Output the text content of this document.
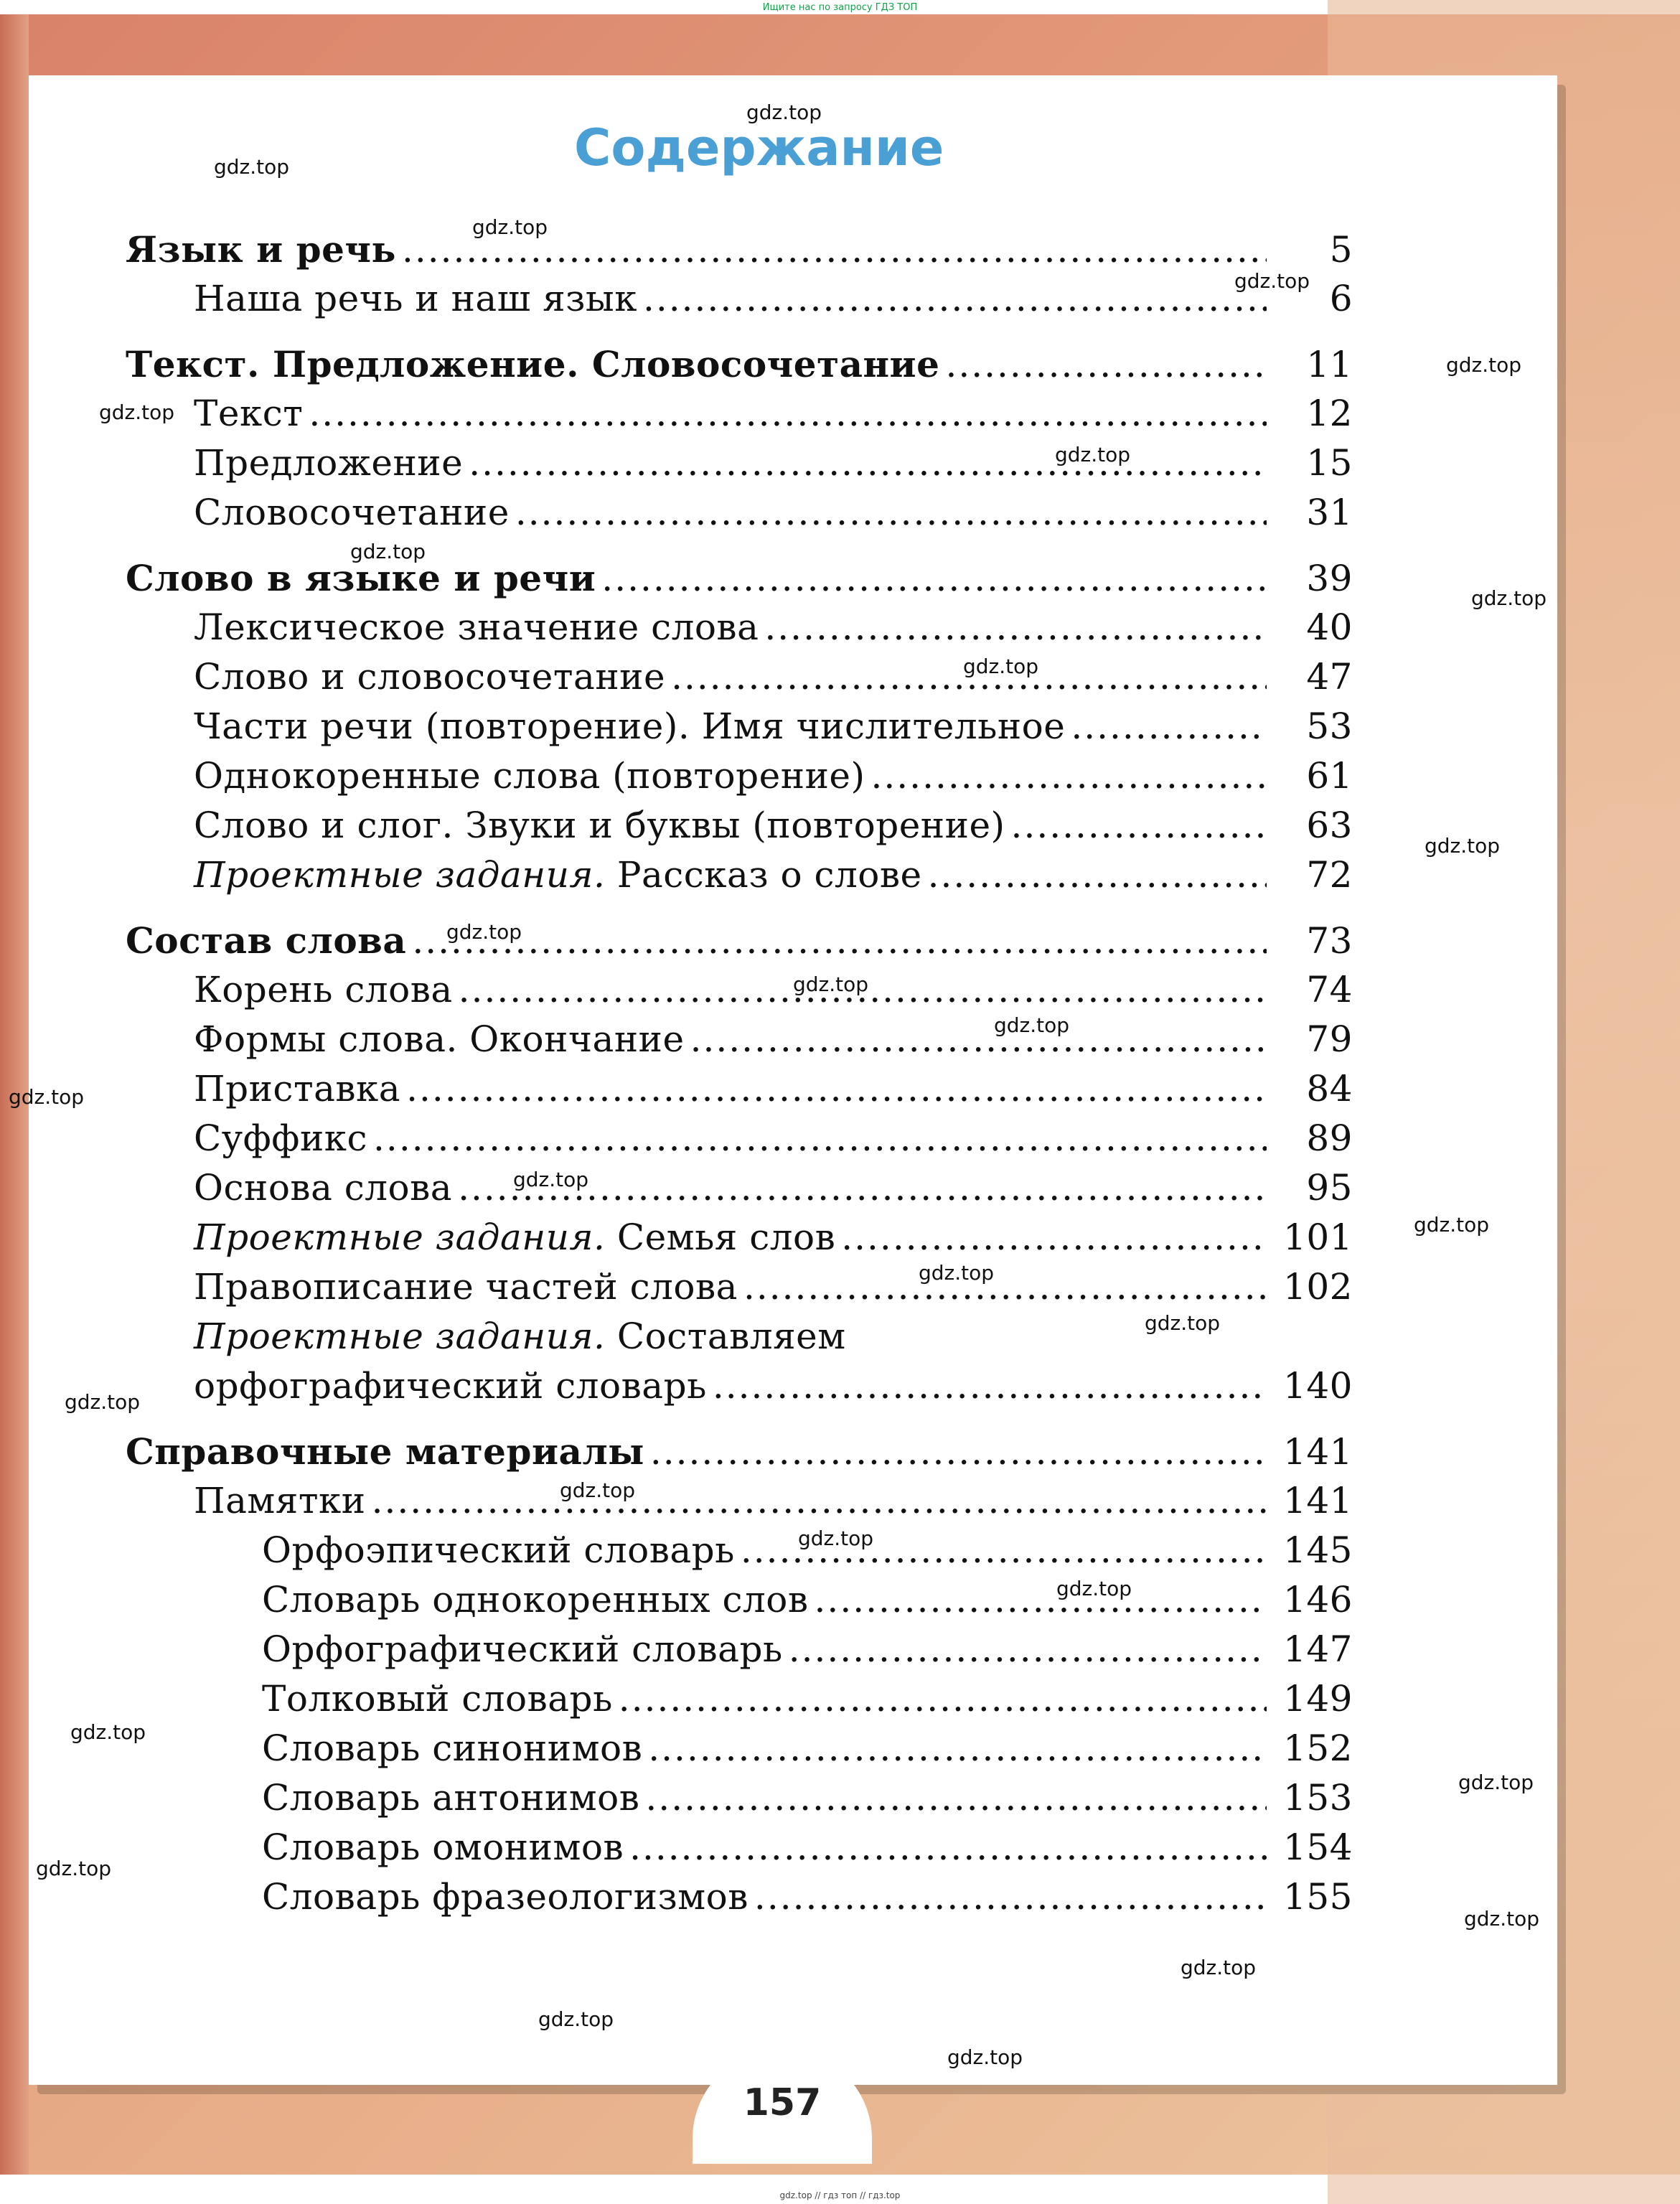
Ищите нас по запросу ГДЗ ТОП
Содержание
Язык и речь .....	5
Наша речь и наш язык .....	6
Текст. Предложение. Словосочетание .....	11
Текст .....	12
Предложение .....	15
Словосочетание .....	31
Слово в языке и речи .....	39
Лексическое значение слова .....	40
Слово и словосочетание .....	47
Части речи (повторение). Имя числительное .....	53
Однокоренные слова (повторение) .....	61
Слово и слог. Звуки и буквы (повторение) .....	63
Проектные задания. Рассказ о слове .....	72
Состав слова .....	73
Корень слова .....	74
Формы слова. Окончание .....	79
Приставка .....	84
Суффикс .....	89
Основа слова .....	95
Проектные задания. Семья слов .....	101
Правописание частей слова .....	102
Проектные задания. Составляем
орфографический словарь .....	140
Справочные материалы .....	141
Памятки .....	141
Орфоэпический словарь .....	145
Словарь однокоренных слов .....	146
Орфографический словарь .....	147
Толковый словарь .....	149
Словарь синонимов .....	152
Словарь антонимов .....	153
Словарь омонимов .....	154
Словарь фразеологизмов .....	155
157
gdz.top
gdz.top
gdz.top
gdz.top
gdz.top
gdz.top
gdz.top
gdz.top
gdz.top
gdz.top
gdz.top
gdz.top
gdz.top
gdz.top
gdz.top
gdz.top
gdz.top
gdz.top
gdz.top
gdz.top
gdz.top
gdz.top
gdz.top
gdz.top
gdz.top
gdz.top
gdz.top
gdz.top
gdz.top
gdz.top
gdz.top // гдз топ // гдз.top
